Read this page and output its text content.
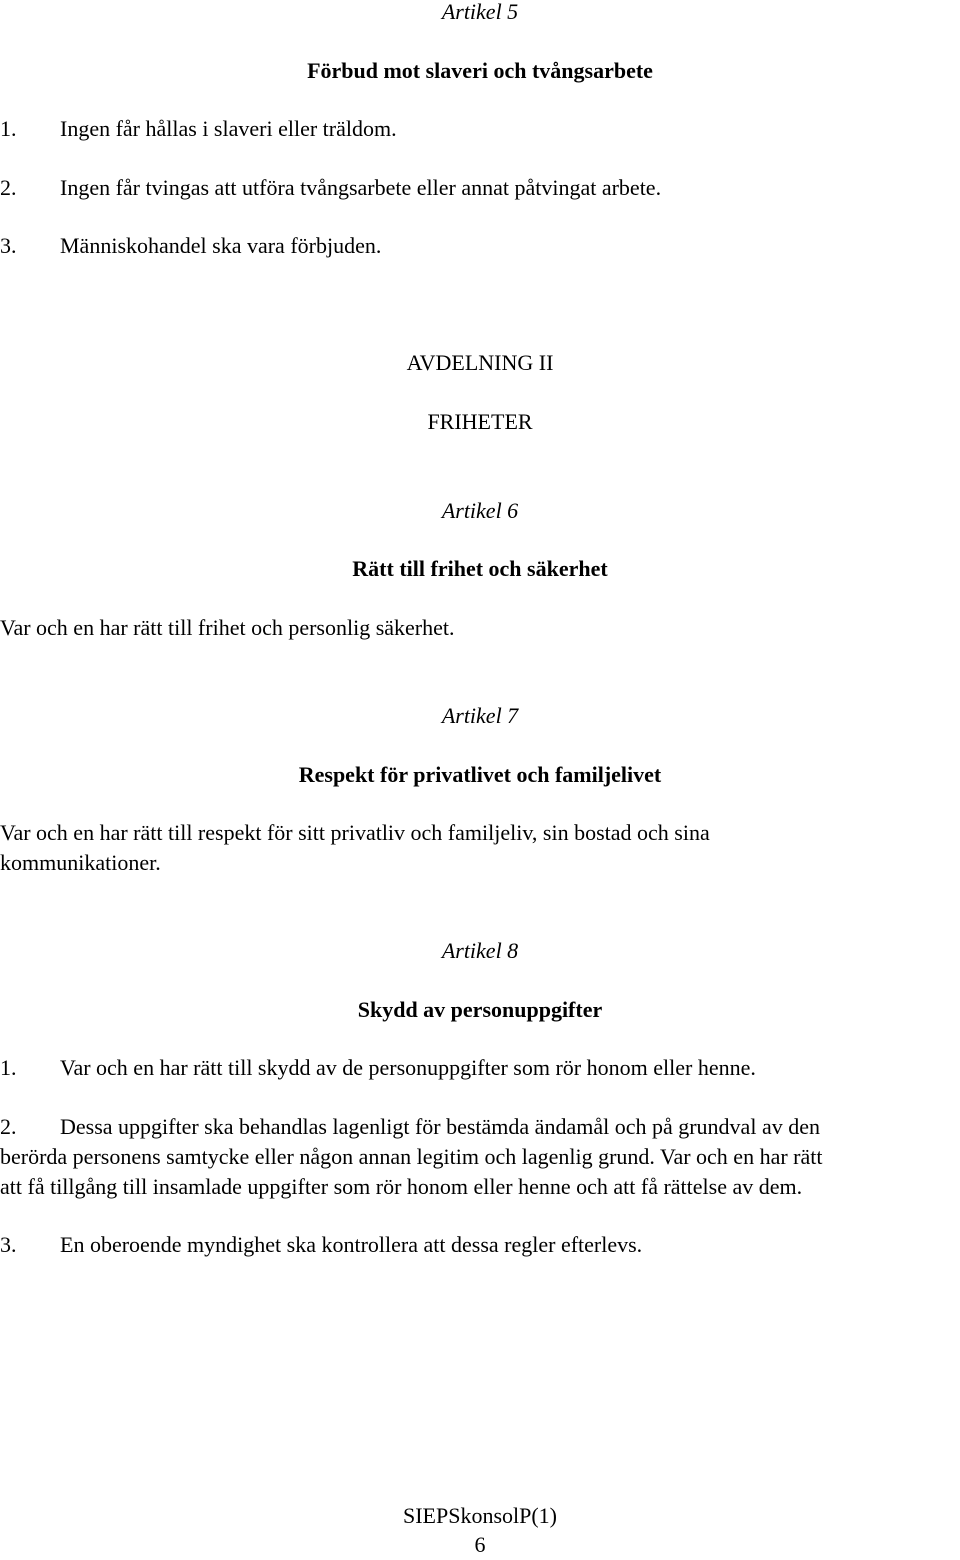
Artikel 5
Förbud mot slaveri och tvångsarbete
1. Ingen får hållas i slaveri eller träldom.
2. Ingen får tvingas att utföra tvångsarbete eller annat påtvingat arbete.
3. Människohandel ska vara förbjuden.
AVDELNING II
FRIHETER
Artikel 6
Rätt till frihet och säkerhet
Var och en har rätt till frihet och personlig säkerhet.
Artikel 7
Respekt för privatlivet och familjelivet
Var och en har rätt till respekt för sitt privatliv och familjeliv, sin bostad och sina
kommunikationer.
Artikel 8
Skydd av personuppgifter
1. Var och en har rätt till skydd av de personuppgifter som rör honom eller henne.
2. Dessa uppgifter ska behandlas lagenligt för bestämda ändamål och på grundval av den
berörda personens samtycke eller någon annan legitim och lagenlig grund. Var och en har rätt
att få tillgång till insamlade uppgifter som rör honom eller henne och att få rättelse av dem.
3. En oberoende myndighet ska kontrollera att dessa regler efterlevs.
SIEPSkonsolP(1)
6
